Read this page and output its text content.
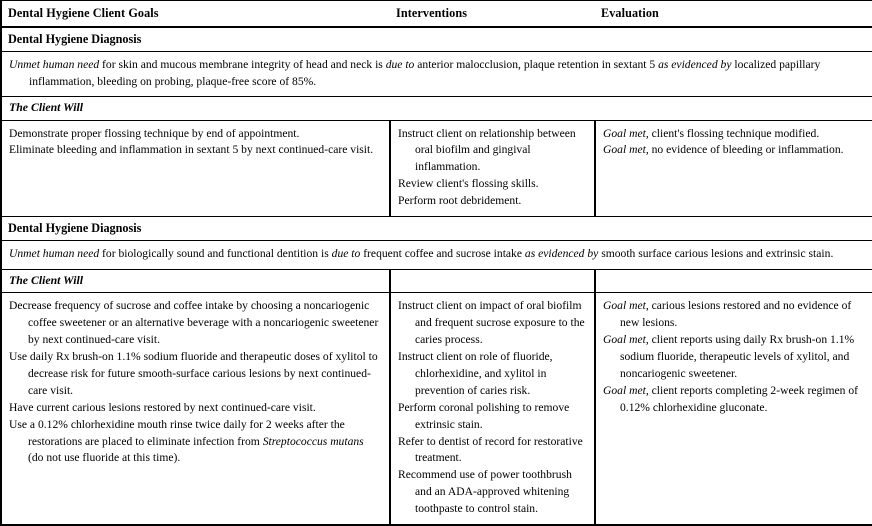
Dental Hygiene Client Goals	Interventions	Evaluation

Dental Hygiene Diagnosis		

Unmet human need for skin and mucous membrane integrity of head and neck is due to anterior malocclusion, plaque retention in sextant 5 as evidenced by localized papillary
inflammation, bleeding on probing, plaque-free score of 85%.		

The Client Will		

Demonstrate proper flossing technique by end of appointment.
Eliminate bleeding and inflammation in sextant 5 by next continued-care visit.

Instruct client on relationship between oral biofilm and gingival inflammation.
Review client's flossing skills.
Perform root debridement.

Goal met, client's flossing technique modified.
Goal met, no evidence of bleeding or inflammation.

Dental Hygiene Diagnosis		

Unmet human need for biologically sound and functional dentition is due to frequent coffee and sucrose intake as evidenced by smooth surface carious lesions and extrinsic stain.		

The Client Will		

Decrease frequency of sucrose and coffee intake by choosing a noncariogenic coffee sweetener or an alternative beverage with a noncariogenic sweetener by next continued-care visit.
Use daily Rx brush-on 1.1% sodium fluoride and therapeutic doses of xylitol to decrease risk for future smooth-surface carious lesions by next continued-care visit.
Have current carious lesions restored by next continued-care visit.
Use a 0.12% chlorhexidine mouth rinse twice daily for 2 weeks after the restorations are placed to eliminate infection from Streptococcus mutans (do not use fluoride at this time).

Instruct client on impact of oral biofilm and frequent sucrose exposure to the caries process.
Instruct client on role of fluoride, chlorhexidine, and xylitol in prevention of caries risk.
Perform coronal polishing to remove extrinsic stain.
Refer to dentist of record for restorative treatment.
Recommend use of power toothbrush and an ADA-approved whitening toothpaste to control stain.

Goal met, carious lesions restored and no evidence of new lesions.
Goal met, client reports using daily Rx brush-on 1.1% sodium fluoride, therapeutic levels of xylitol, and noncariogenic sweetener.
Goal met, client reports completing 2-week regimen of 0.12% chlorhexidine gluconate.
